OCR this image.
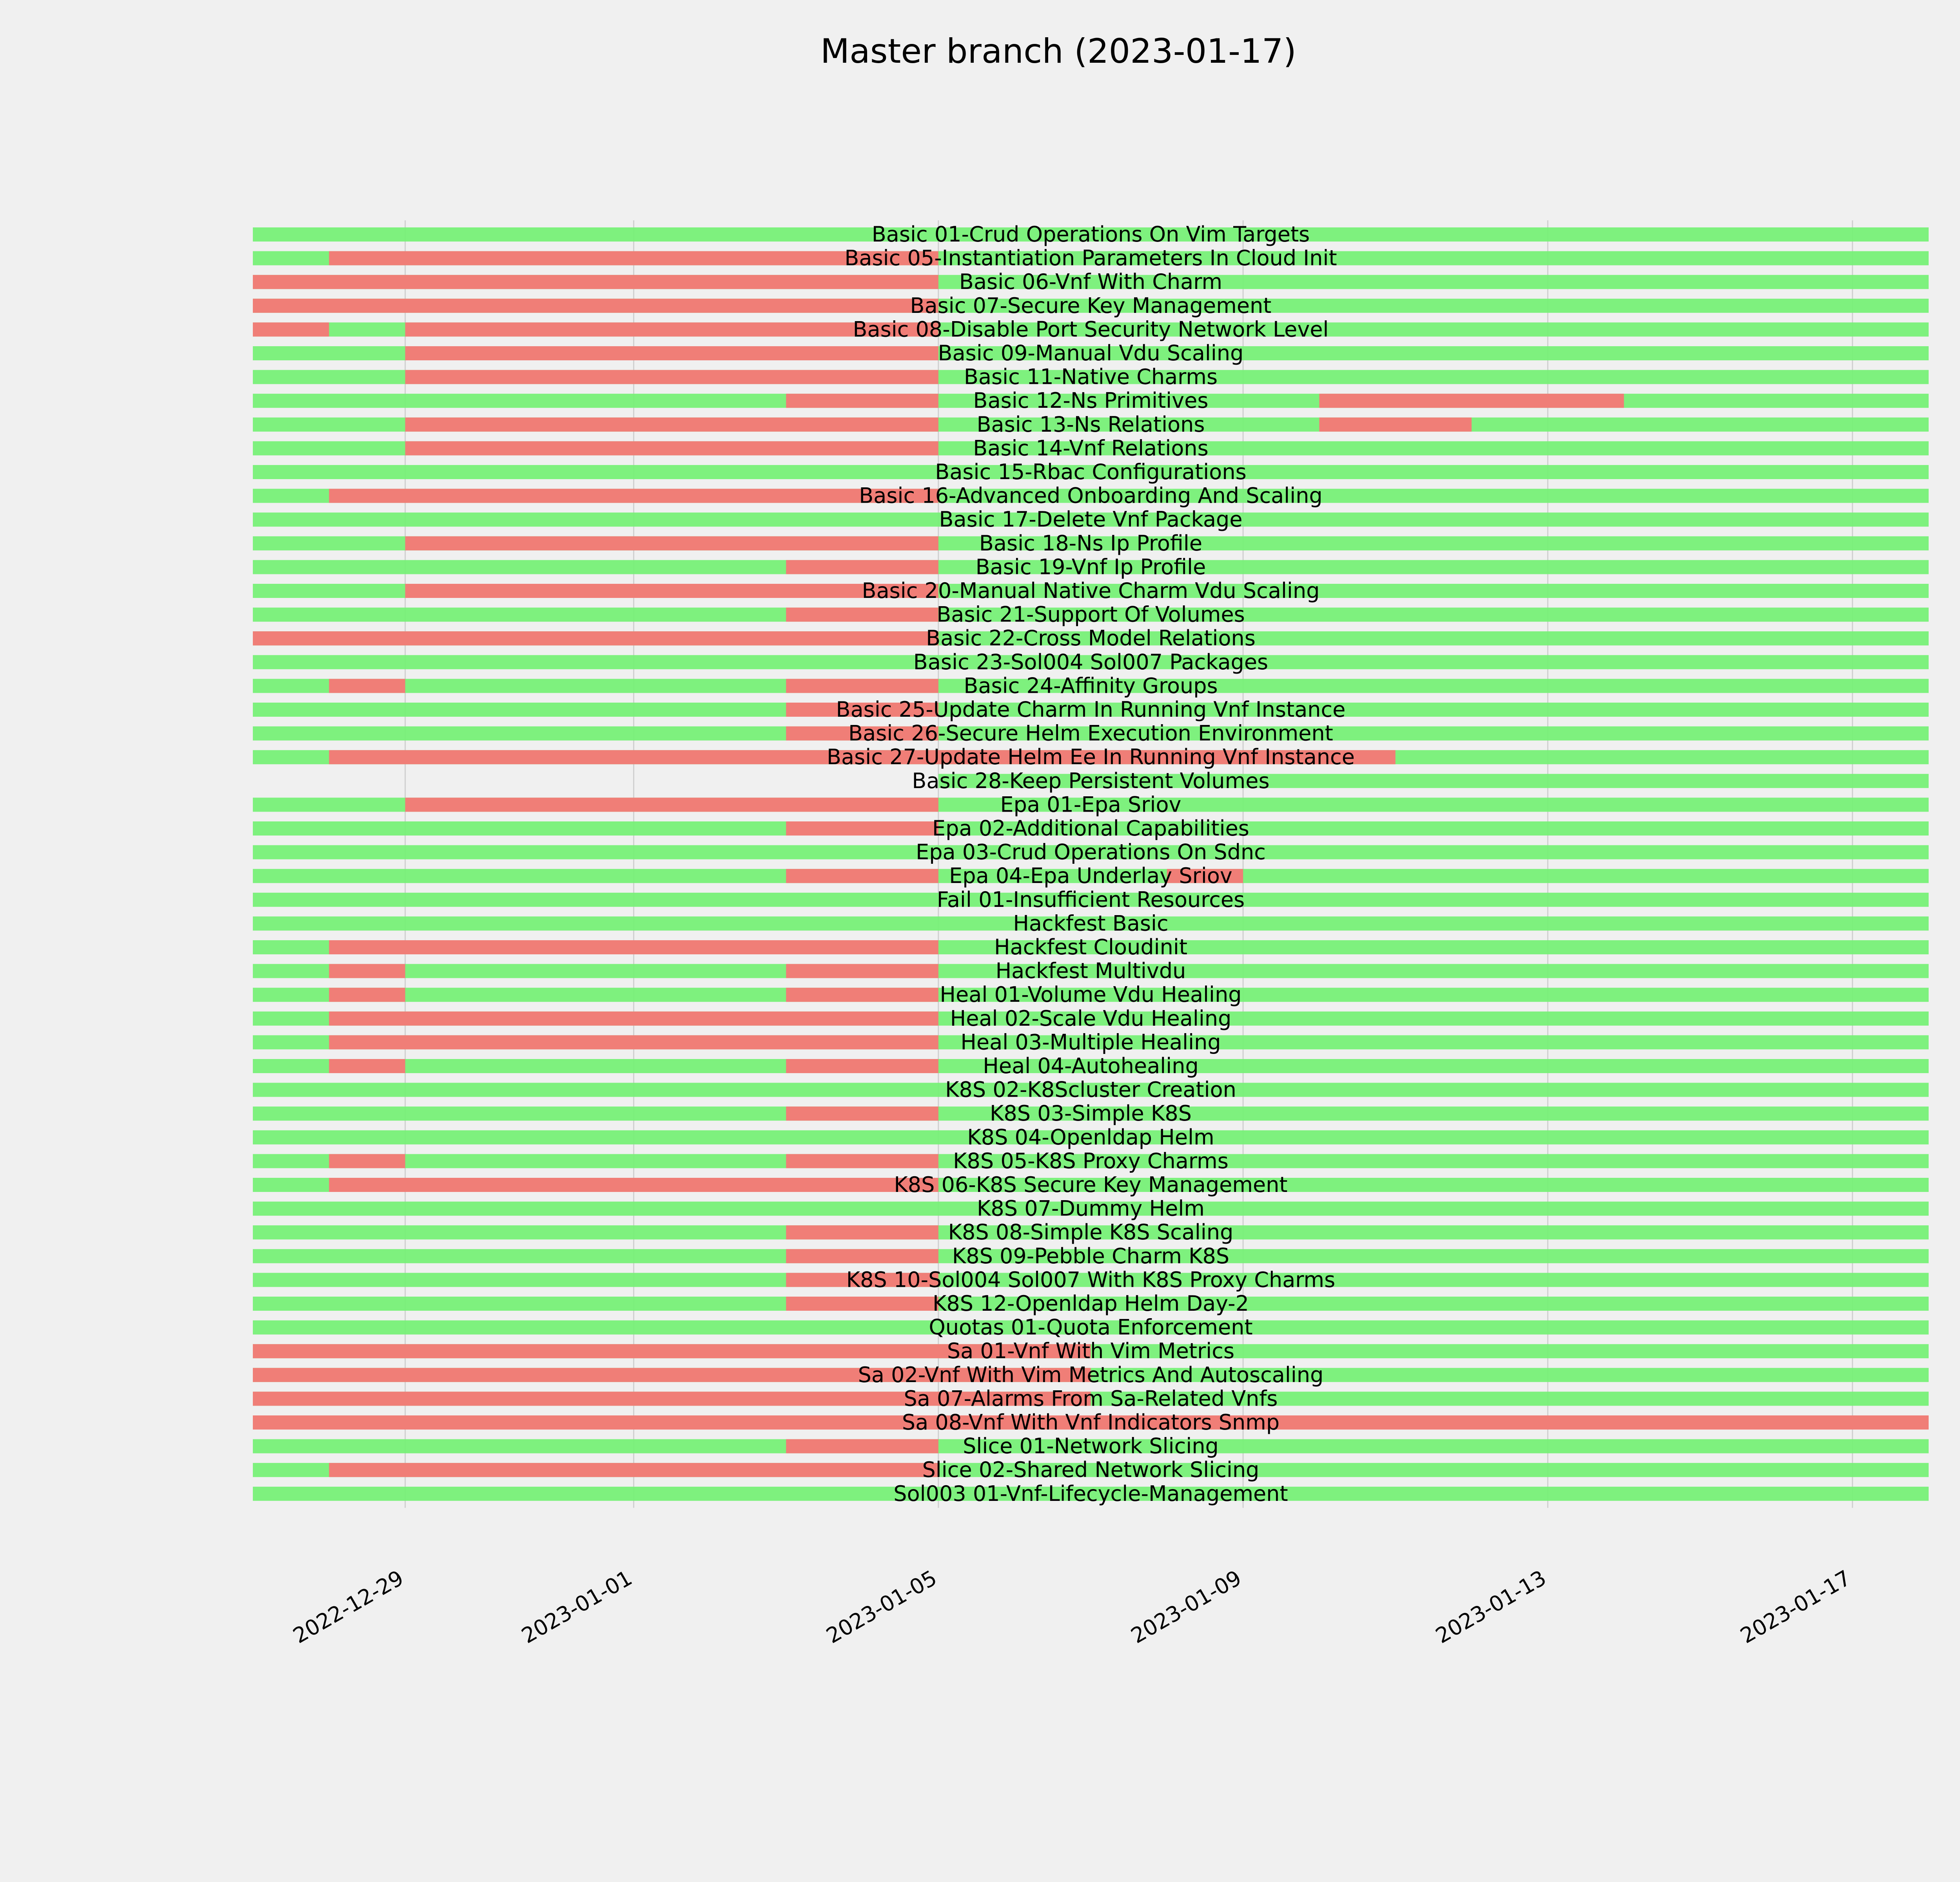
Master branch (2023-01-17)
Basic 01-Crud Operations On Vim Targets
Basic 05-Instantiation Parameters In Cloud Init
Basic 06-Vnf With Charm
Basic 07-Secure Key Management
Basic 08-Disable Port Security Network Level
Basic 09-Manual Vdu Scaling
Basic 11-Native Charms
Basic 12-Ns Primitives
Basic 13-Ns Relations
Basic 14-Vnf Relations
Basic 15-Rbac Configurations
Basic 16-Advanced Onboarding And Scaling
Basic 17-Delete Vnf Package
Basic 18-Ns Ip Profile
Basic 19-Vnf Ip Profile
Basic 20-Manual Native Charm Vdu Scaling
Basic 21-Support Of Volumes
Basic 22-Cross Model Relations
Basic 23-Sol004 Sol007 Packages
Basic 24-Affinity Groups
Basic 25-Update Charm In Running Vnf Instance
Basic 26-Secure Helm Execution Environment
Basic 27-Update Helm Ee In Running Vnf Instance
Basic 28-Keep Persistent Volumes
Epa 01-Epa Sriov
Epa 02-Additional Capabilities
Epa 03-Crud Operations On Sdnc
Epa 04-Epa Underlay Sriov
Fail 01-Insufficient Resources
Hackfest Basic
Hackfest Cloudinit
Hackfest Multivdu
Heal 01-Volume Vdu Healing
Heal 02-Scale Vdu Healing
Heal 03-Multiple Healing
Heal 04-Autohealing
K8S 02-K8Scluster Creation
K8S 03-Simple K8S
K8S 04-Openldap Helm
K8S 05-K8S Proxy Charms
K8S 06-K8S Secure Key Management
K8S 07-Dummy Helm
K8S 08-Simple K8S Scaling
K8S 09-Pebble Charm K8S
K8S 10-Sol004 Sol007 With K8S Proxy Charms
K8S 12-Openldap Helm Day-2
Quotas 01-Quota Enforcement
Sa 01-Vnf With Vim Metrics
Sa 02-Vnf With Vim Metrics And Autoscaling
Sa 07-Alarms From Sa-Related Vnfs
Sa 08-Vnf With Vnf Indicators Snmp
Slice 01-Network Slicing
Slice 02-Shared Network Slicing
Sol003 01-Vnf-Lifecycle-Management
2022-12-29	2023-01-01	2023-01-05	2023-01-09	2023-01-13	2023-01-17
